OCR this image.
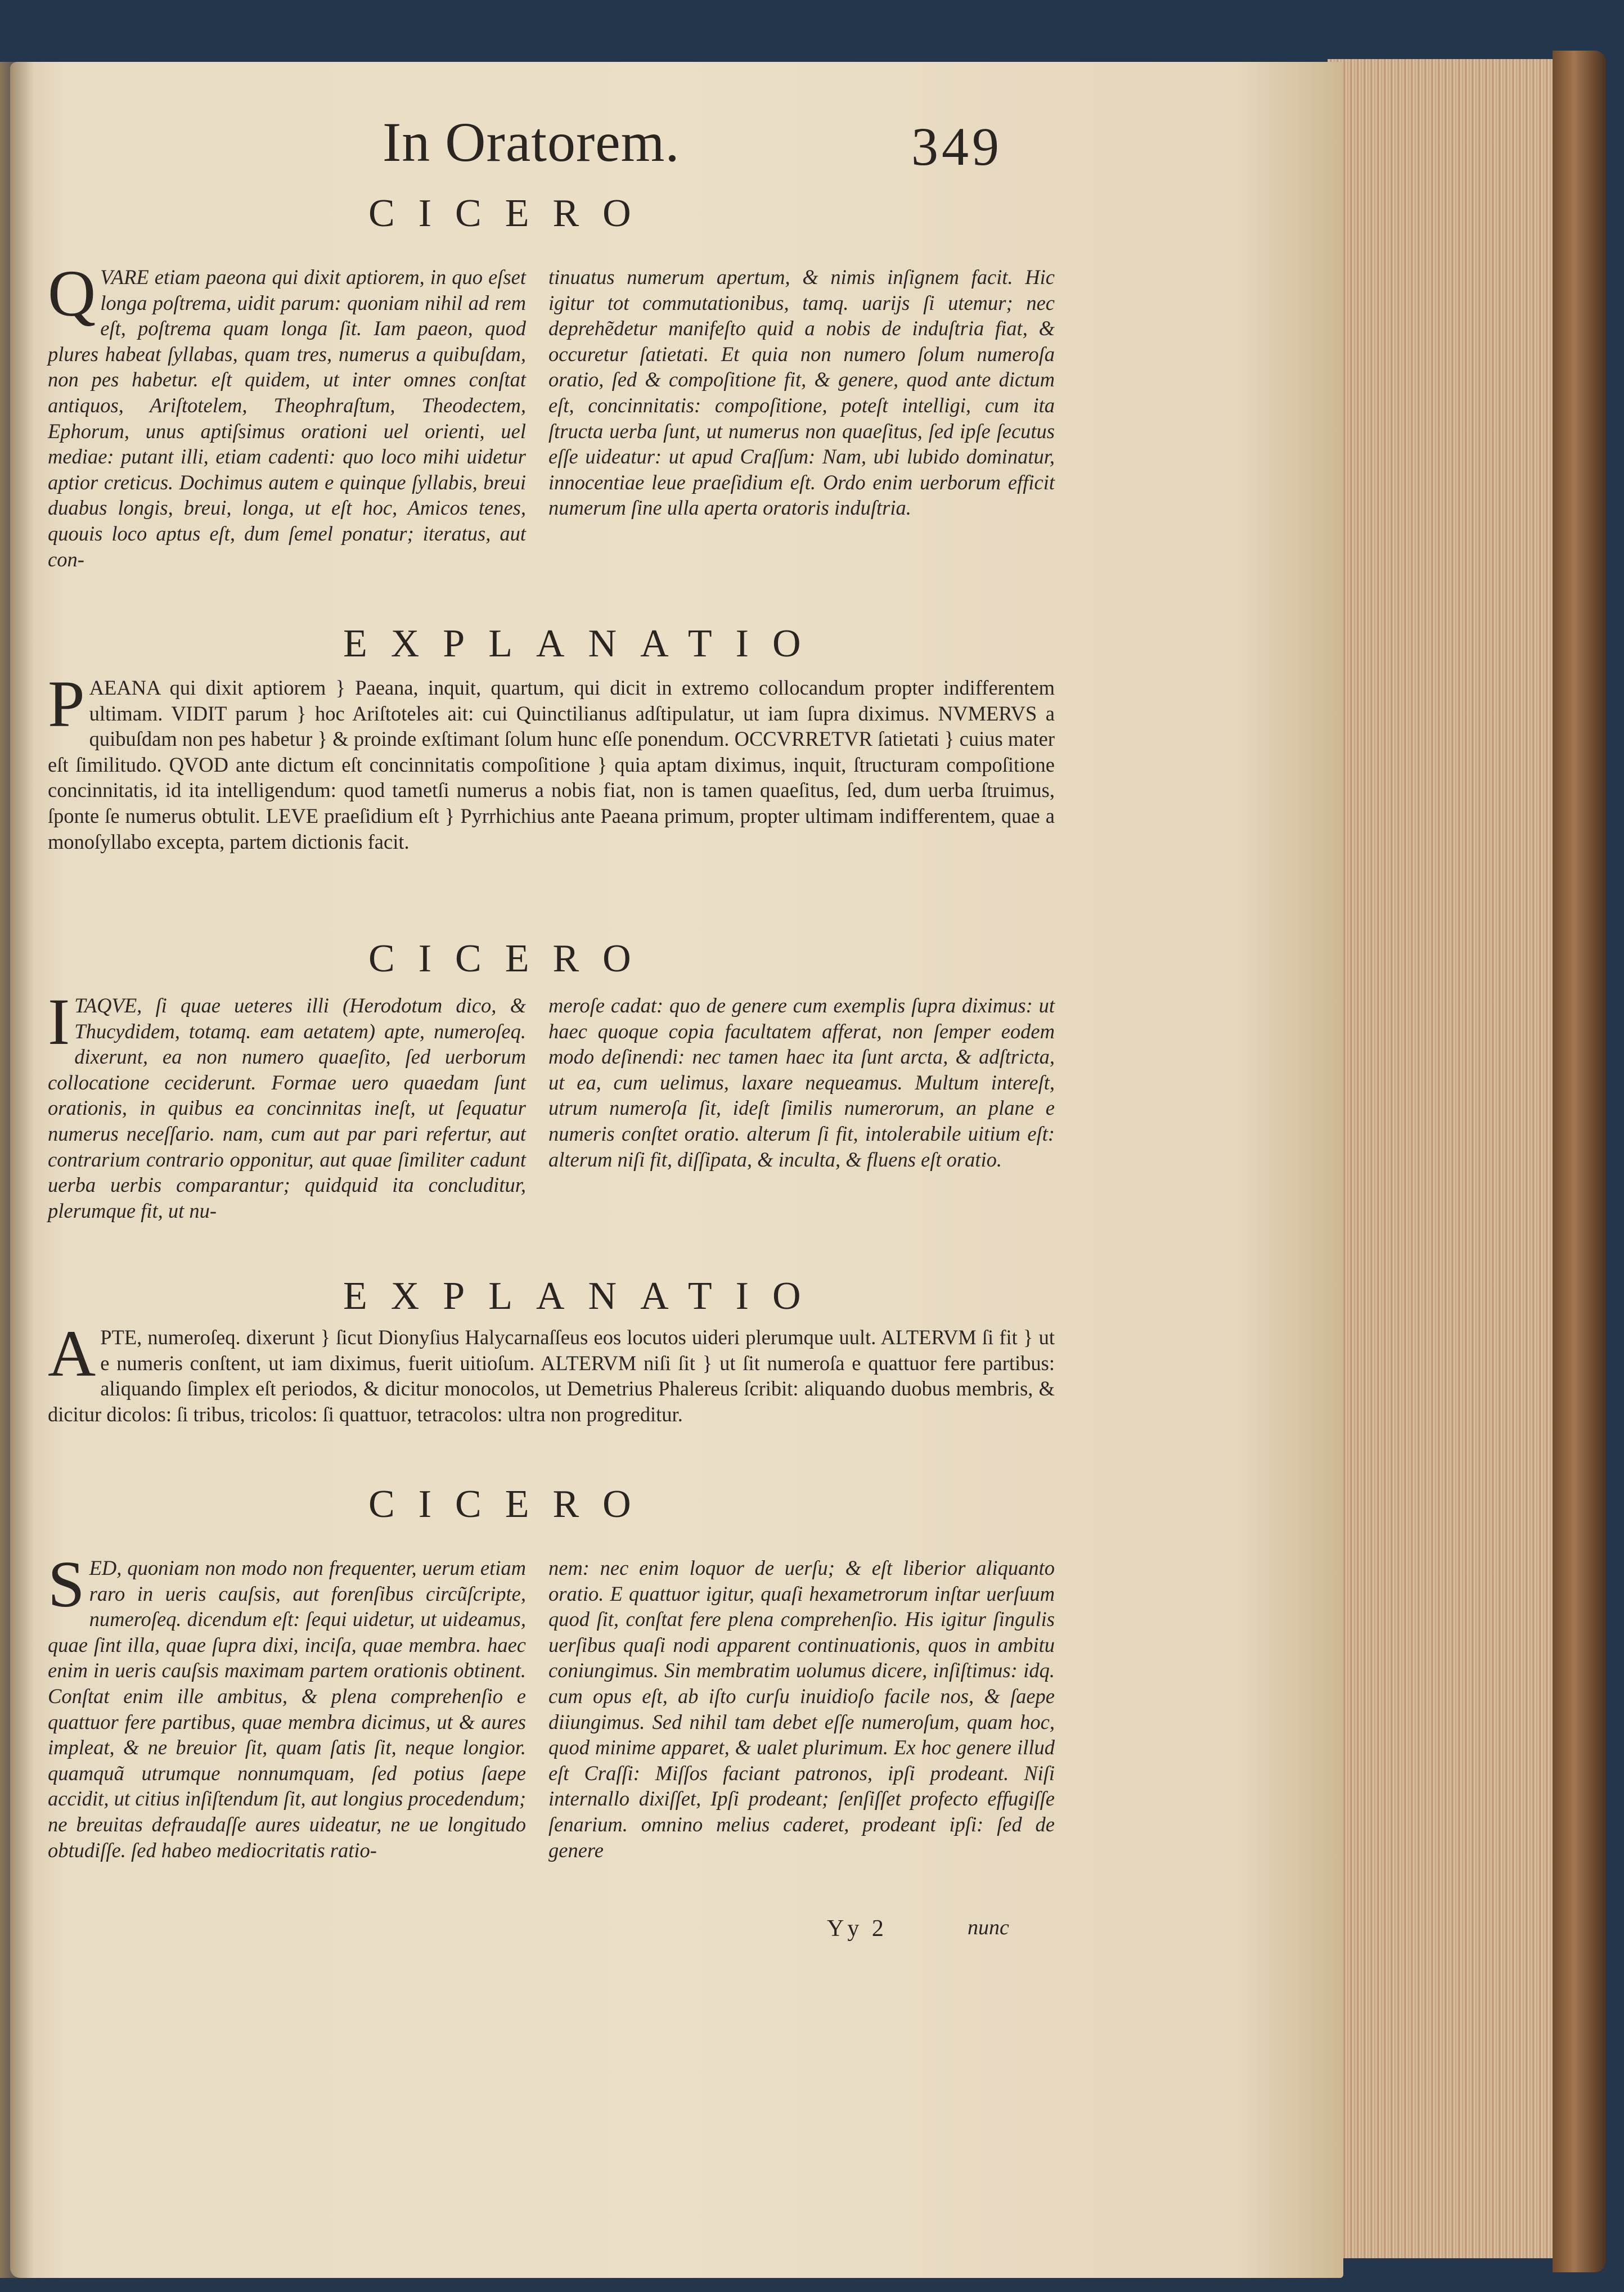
In Oratorem.	349
CICERO
Q VARE etiam paeona qui dixit aptiorem, in quo eſset longa poſtrema, uidit parum: quoniam nihil ad rem eſt, poſtrema quam longa ſit. Iam paeon, quod plures habeat ſyllabas, quam tres, numerus a quibuſdam, non pes habetur. eſt quidem, ut inter omnes conſtat antiquos, Ariſtotelem, Theophraſtum, Theodectem, Ephorum, unus aptiſsimus orationi uel orienti, uel mediae: putant illi, etiam cadenti: quo loco mihi uidetur aptior creticus. Dochimus autem e quinque ſyllabis, breui duabus longis, breui, longa, ut eſt hoc, Amicos tenes, quouis loco aptus eſt, dum ſemel ponatur; iteratus, aut con-
tinuatus numerum apertum, & nimis inſignem facit. Hic igitur tot commutationibus, tamq. uarijs ſi utemur; nec deprehẽdetur manifeſto quid a nobis de induſtria fiat, & occuretur ſatietati. Et quia non numero ſolum numeroſa oratio, ſed & compoſitione fit, & genere, quod ante dictum eſt, concinnitatis: compoſitione, poteſt intelligi, cum ita ſtructa uerba ſunt, ut numerus non quaeſitus, ſed ipſe ſecutus eſſe uideatur: ut apud Craſſum: Nam, ubi lubido dominatur, innocentiae leue praeſidium eſt. Ordo enim uerborum efficit numerum ſine ulla aperta oratoris induſtria.
EXPLANATIO
P AEANA qui dixit aptiorem } Paeana, inquit, quartum, qui dicit in extremo collocandum propter indifferentem ultimam. VIDIT parum } hoc Ariſtoteles ait: cui Quinctilianus adſtipulatur, ut iam ſupra diximus. NVMERVS a quibuſdam non pes habetur } & proinde exſtimant ſolum hunc eſſe ponendum. OCCVRRETVR ſatietati } cuius mater eſt ſimilitudo. QVOD ante dictum eſt concinnitatis compoſitione } quia aptam diximus, inquit, ſtructuram compoſitione concinnitatis, id ita intelligendum: quod tametſi numerus a nobis fiat, non is tamen quaeſitus, ſed, dum uerba ſtruimus, ſponte ſe numerus obtulit. LEVE praeſidium eſt } Pyrrhichius ante Paeana primum, propter ultimam indifferentem, quae a monoſyllabo excepta, partem dictionis facit.
CICERO
I TAQVE, ſi quae ueteres illi (Herodotum dico, & Thucydidem, totamq. eam aetatem) apte, numeroſeq. dixerunt, ea non numero quaeſito, ſed uerborum collocatione ceciderunt. Formae uero quaedam ſunt orationis, in quibus ea concinnitas ineſt, ut ſequatur numerus neceſſario. nam, cum aut par pari refertur, aut contrarium contrario opponitur, aut quae ſimiliter cadunt uerba uerbis comparantur; quidquid ita concluditur, plerumque fit, ut nu-
meroſe cadat: quo de genere cum exemplis ſupra diximus: ut haec quoque copia facultatem afferat, non ſemper eodem modo deſinendi: nec tamen haec ita ſunt arcta, & adſtricta, ut ea, cum uelimus, laxare nequeamus. Multum intereſt, utrum numeroſa ſit, ideſt ſimilis numerorum, an plane e numeris conſtet oratio. alterum ſi fit, intolerabile uitium eſt: alterum niſi fit, diſſipata, & inculta, & fluens eſt oratio.
EXPLANATIO
A PTE, numeroſeq. dixerunt } ſicut Dionyſius Halycarnaſſeus eos locutos uideri plerumque uult. ALTERVM ſi fit } ut e numeris conſtent, ut iam diximus, fuerit uitioſum. ALTERVM niſi ſit } ut ſit numeroſa e quattuor fere partibus: aliquando ſimplex eſt periodos, & dicitur monocolos, ut Demetrius Phalereus ſcribit: aliquando duobus membris, & dicitur dicolos: ſi tribus, tricolos: ſi quattuor, tetracolos: ultra non progreditur.
CICERO
S ED, quoniam non modo non frequenter, uerum etiam raro in ueris cauſsis, aut forenſibus circũſcripte, numeroſeq. dicendum eſt: ſequi uidetur, ut uideamus, quae ſint illa, quae ſupra dixi, inciſa, quae membra. haec enim in ueris cauſsis maximam partem orationis obtinent. Conſtat enim ille ambitus, & plena comprehenſio e quattuor fere partibus, quae membra dicimus, ut & aures impleat, & ne breuior ſit, quam ſatis ſit, neque longior. quamquã utrumque nonnumquam, ſed potius ſaepe accidit, ut citius inſiſtendum ſit, aut longius procedendum; ne breuitas defraudaſſe aures uideatur, ne ue longitudo obtudiſſe. ſed habeo mediocritatis ratio-
nem: nec enim loquor de uerſu; & eſt liberior aliquanto oratio. E quattuor igitur, quaſi hexametrorum inſtar uerſuum quod ſit, conſtat fere plena comprehenſio. His igitur ſingulis uerſibus quaſi nodi apparent continuationis, quos in ambitu coniungimus. Sin membratim uolumus dicere, inſiſtimus: idq. cum opus eſt, ab iſto curſu inuidioſo facile nos, & ſaepe diiungimus. Sed nihil tam debet eſſe numeroſum, quam hoc, quod minime apparet, & ualet plurimum. Ex hoc genere illud eſt Craſſi: Miſſos faciant patronos, ipſi prodeant. Niſi internallo dixiſſet, Ipſi prodeant; ſenſiſſet profecto effugiſſe ſenarium. omnino melius caderet, prodeant ipſi: ſed de genere
Yy 2	nunc
